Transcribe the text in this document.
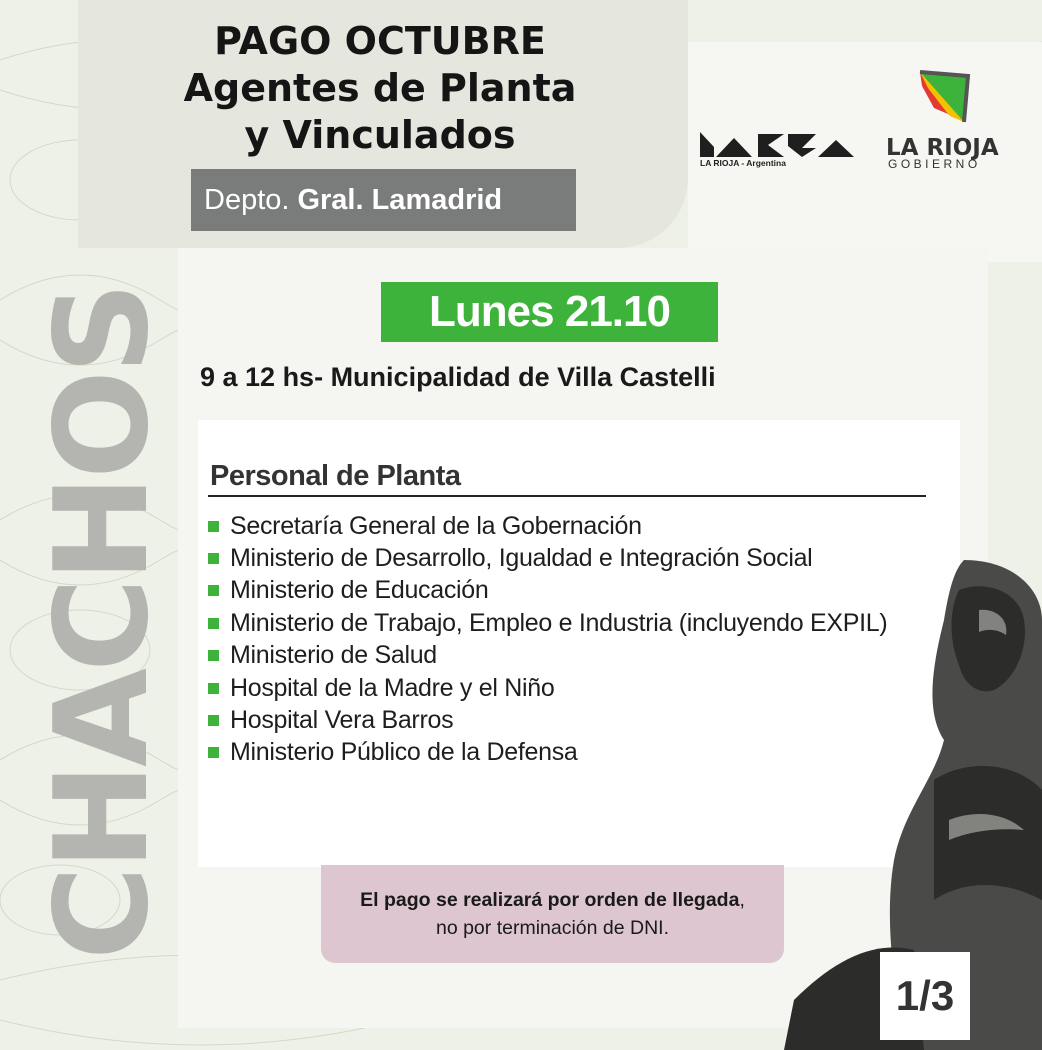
CHACHOS
PAGO OCTUBRE
Agentes de Planta
y Vinculados
Depto. Gral. Lamadrid
LA RIOJA - Argentina
LA RIOJA
GOBIERNO
Lunes 21.10
9 a 12 hs- Municipalidad de Villa Castelli
Personal de Planta
Secretaría General de la Gobernación
Ministerio de Desarrollo, Igualdad e Integración Social
Ministerio de Educación
Ministerio de Trabajo, Empleo e Industria (incluyendo EXPIL)
Ministerio de Salud
Hospital de la Madre y el Niño
Hospital Vera Barros
Ministerio Público de la Defensa
El pago se realizará por orden de llegada,
no por terminación de DNI.
1/3
